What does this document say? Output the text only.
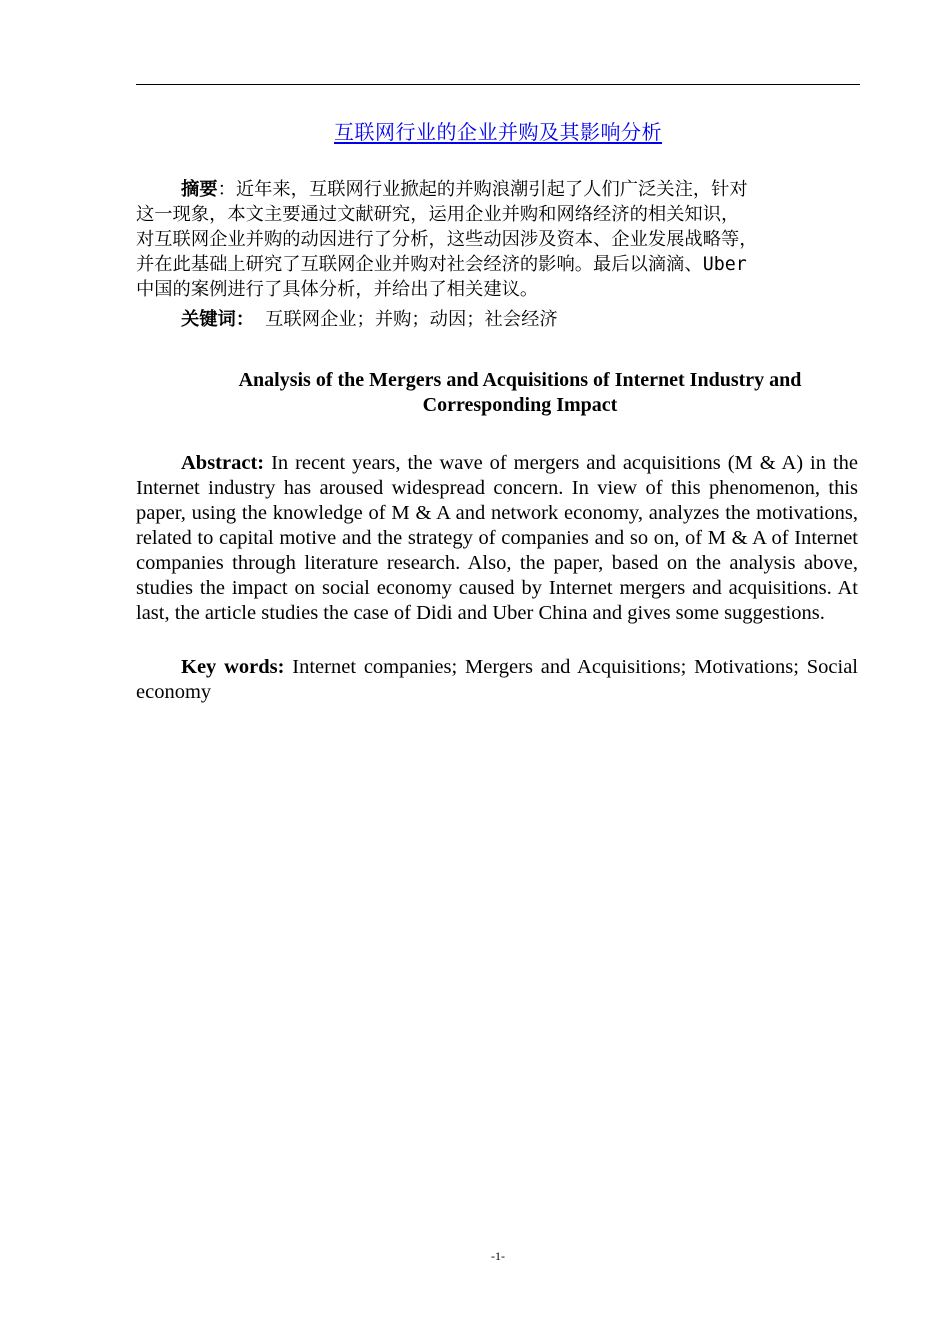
互联网行业的企业并购及其影响分析
摘要：近年来，互联网行业掀起的并购浪潮引起了人们广泛关注，针对
这一现象，本文主要通过文献研究，运用企业并购和网络经济的相关知识，
对互联网企业并购的动因进行了分析，这些动因涉及资本、企业发展战略等，
并在此基础上研究了互联网企业并购对社会经济的影响。最后以滴滴、Uber
中国的案例进行了具体分析，并给出了相关建议。
关键词： 互联网企业；并购；动因；社会经济
Analysis of the Mergers and Acquisitions of Internet Industry and
Corresponding Impact

Abstract: In recent years, the wave of mergers and acquisitions (M & A) in the Internet industry has aroused widespread concern. In view of this phenomenon, this paper, using the knowledge of M & A and network economy, analyzes the motivations, related to capital motive and the strategy of companies and so on, of M & A of Internet companies through literature research. Also, the paper, based on the analysis above, studies the impact on social economy caused by Internet mergers and acquisitions. At last, the article studies the case of Didi and Uber China and gives some suggestions.

Key words: Internet companies; Mergers and Acquisitions; Motivations; Social economy

-1-
